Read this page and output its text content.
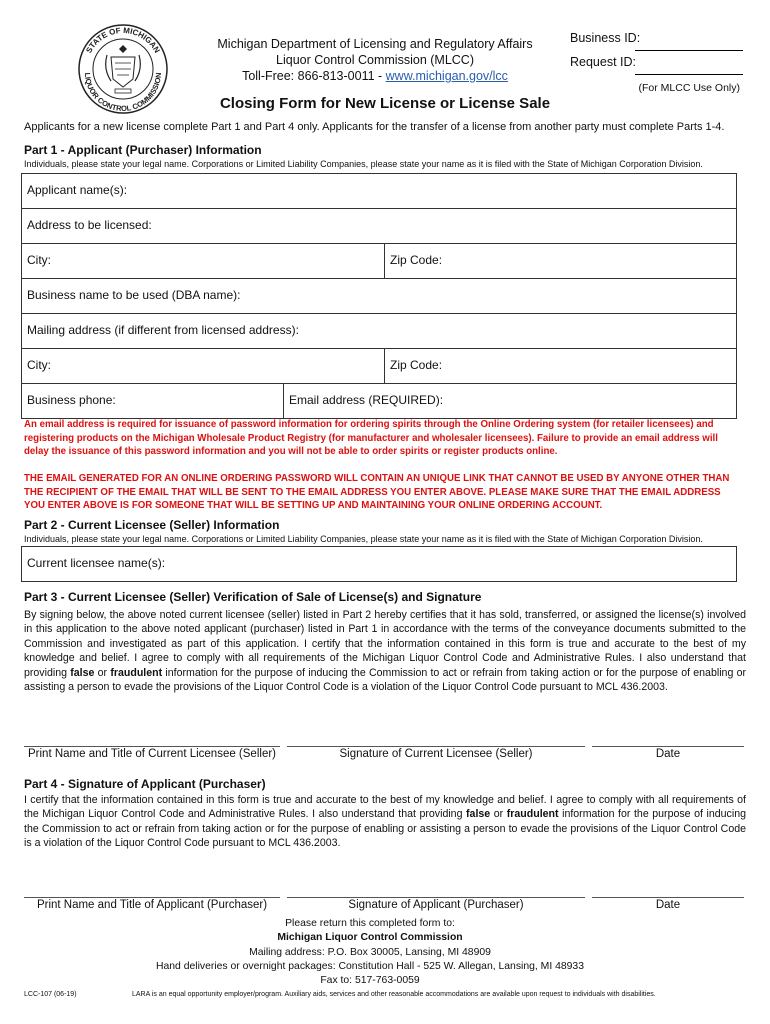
STATE OF MICHIGAN
LIQUOR CONTROL COMMISSION
Michigan Department of Licensing and Regulatory Affairs
Liquor Control Commission (MLCC)
Toll-Free: 866-813-0011 - www.michigan.gov/lcc
Business ID:
Request ID:
(For MLCC Use Only)
Closing Form for New License or License Sale
Applicants for a new license complete Part 1 and Part 4 only. Applicants for the transfer of a license from another party must complete Parts 1-4.
Part 1 - Applicant (Purchaser) Information
Individuals, please state your legal name. Corporations or Limited Liability Companies, please state your name as it is filed with the State of Michigan Corporation Division.
Applicant name(s):
Address to be licensed:
City:	Zip Code:
Business name to be used (DBA name):
Mailing address (if different from licensed address):
City:	Zip Code:
Business phone:	Email address (REQUIRED):
An email address is required for issuance of password information for ordering spirits through the Online Ordering system (for retailer licensees) and registering products on the Michigan Wholesale Product Registry (for manufacturer and wholesaler licensees). Failure to provide an email address will delay the issuance of this password information and you will not be able to order spirits or register products online.
THE EMAIL GENERATED FOR AN ONLINE ORDERING PASSWORD WILL CONTAIN AN UNIQUE LINK THAT CANNOT BE USED BY ANYONE OTHER THAN THE RECIPIENT OF THE EMAIL THAT WILL BE SENT TO THE EMAIL ADDRESS YOU ENTER ABOVE. PLEASE MAKE SURE THAT THE EMAIL ADDRESS YOU ENTER ABOVE IS FOR SOMEONE THAT WILL BE SETTING UP AND MAINTAINING YOUR ONLINE ORDERING ACCOUNT.
Part 2 - Current Licensee (Seller) Information
Individuals, please state your legal name. Corporations or Limited Liability Companies, please state your name as it is filed with the State of Michigan Corporation Division.
Current licensee name(s):
Part 3 - Current Licensee (Seller) Verification of Sale of License(s) and Signature
By signing below, the above noted current licensee (seller) listed in Part 2 hereby certifies that it has sold, transferred, or assigned the license(s) involved in this application to the above noted applicant (purchaser) listed in Part 1 in accordance with the terms of the conveyance documents submitted to the Commission and investigated as part of this application. I certify that the information contained in this form is true and accurate to the best of my knowledge and belief. I agree to comply with all requirements of the Michigan Liquor Control Code and Administrative Rules. I also understand that providing false or fraudulent information for the purpose of inducing the Commission to act or refrain from taking action or for the purpose of enabling or assisting a person to evade the provisions of the Liquor Control Code is a violation of the Liquor Control Code pursuant to MCL 436.2003.
Print Name and Title of Current Licensee (Seller)	Signature of Current Licensee (Seller)	Date
Part 4 - Signature of Applicant (Purchaser)
I certify that the information contained in this form is true and accurate to the best of my knowledge and belief. I agree to comply with all requirements of the Michigan Liquor Control Code and Administrative Rules. I also understand that providing false or fraudulent information for the purpose of inducing the Commission to act or refrain from taking action or for the purpose of enabling or assisting a person to evade the provisions of the Liquor Control Code is a violation of the Liquor Control Code pursuant to MCL 436.2003.
Print Name and Title of Applicant (Purchaser)	Signature of Applicant (Purchaser)	Date
Please return this completed form to:
Michigan Liquor Control Commission
Mailing address: P.O. Box 30005, Lansing, MI 48909
Hand deliveries or overnight packages: Constitution Hall - 525 W. Allegan, Lansing, MI 48933
Fax to: 517-763-0059
LCC-107 (06-19)	LARA is an equal opportunity employer/program. Auxiliary aids, services and other reasonable accommodations are available upon request to individuals with disabilities.
